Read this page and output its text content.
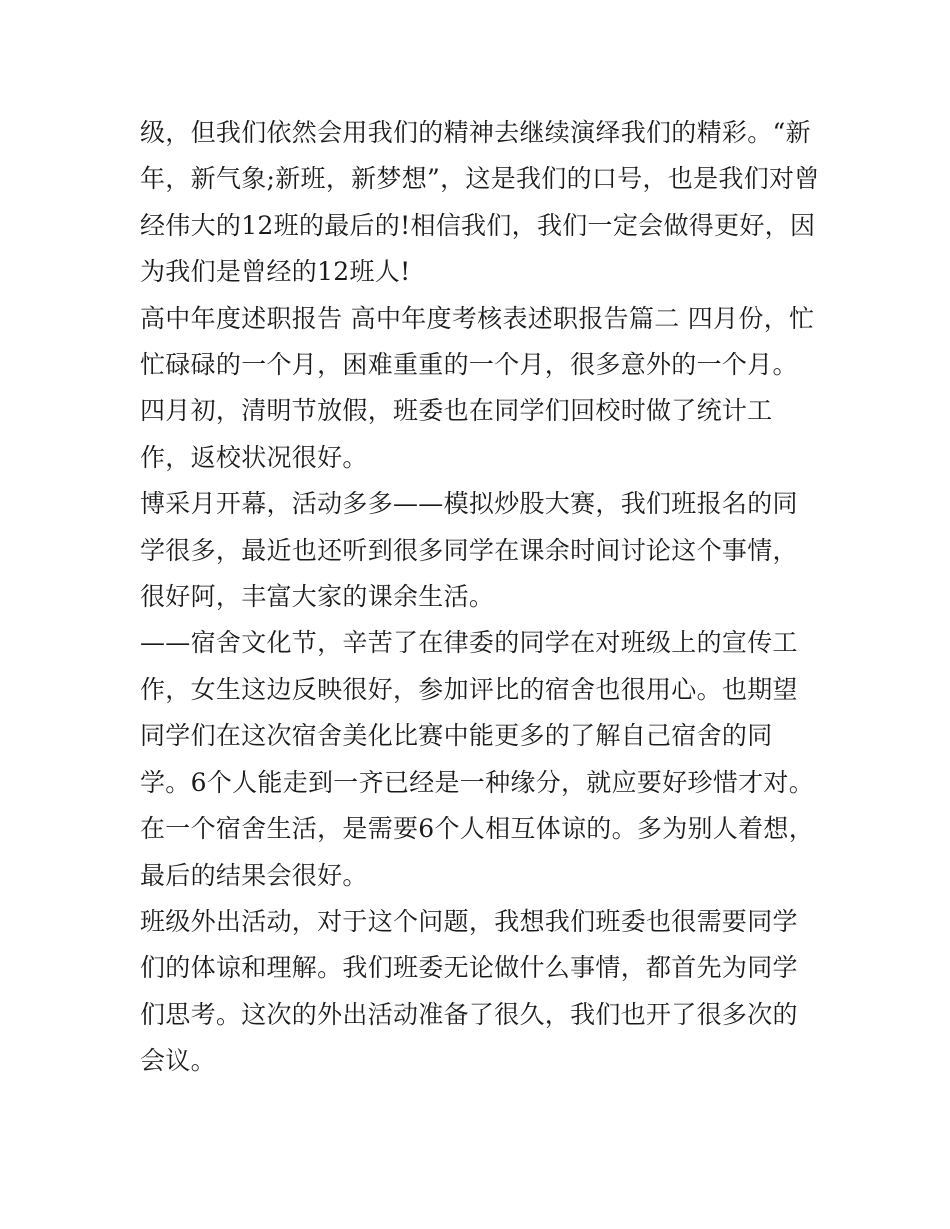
级，但我们依然会用我们的精神去继续演绎我们的精彩。“新年，新气象;新班，新梦想”，这是我们的口号，也是我们对曾经伟大的12班的最后的!相信我们，我们一定会做得更好，因为我们是曾经的12班人!

高中年度述职报告 高中年度考核表述职报告篇二 四月份，忙忙碌碌的一个月，困难重重的一个月，很多意外的一个月。

四月初，清明节放假，班委也在同学们回校时做了统计工作，返校状况很好。

博采月开幕，活动多多——模拟炒股大赛，我们班报名的同学很多，最近也还听到很多同学在课余时间讨论这个事情，很好阿，丰富大家的课余生活。

——宿舍文化节，辛苦了在律委的同学在对班级上的宣传工作，女生这边反映很好，参加评比的宿舍也很用心。也期望同学们在这次宿舍美化比赛中能更多的了解自己宿舍的同学。6个人能走到一齐已经是一种缘分，就应要好珍惜才对。在一个宿舍生活，是需要6个人相互体谅的。多为别人着想，最后的结果会很好。

班级外出活动，对于这个问题，我想我们班委也很需要同学们的体谅和理解。我们班委无论做什么事情，都首先为同学们思考。这次的外出活动准备了很久，我们也开了很多次的会议。
